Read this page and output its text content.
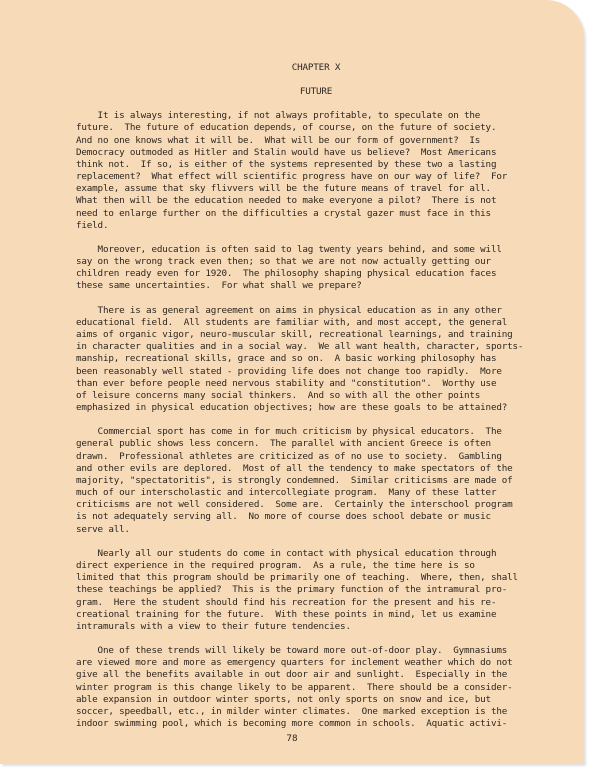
CHAPTER X
FUTURE
It is always interesting, if not always profitable, to speculate on the
future.  The future of education depends, of course, on the future of society.
And no one knows what it will be.  What will be our form of government?  Is
Democracy outmoded as Hitler and Stalin would have us believe?  Most Americans
think not.  If so, is either of the systems represented by these two a lasting
replacement?  What effect will scientific progress have on our way of life?  For
example, assume that sky flivvers will be the future means of travel for all.
What then will be the education needed to make everyone a pilot?  There is not
need to enlarge further on the difficulties a crystal gazer must face in this
field.
Moreover, education is often said to lag twenty years behind, and some will
say on the wrong track even then; so that we are not now actually getting our
children ready even for 1920.  The philosophy shaping physical education faces
these same uncertainties.  For what shall we prepare?
There is as general agreement on aims in physical education as in any other
educational field.  All students are familiar with, and most accept, the general
aims of organic vigor, neuro-muscular skill, recreational learnings, and training
in character qualities and in a social way.  We all want health, character, sports-
manship, recreational skills, grace and so on.  A basic working philosophy has
been reasonably well stated - providing life does not change too rapidly.  More
than ever before people need nervous stability and "constitution".  Worthy use
of leisure concerns many social thinkers.  And so with all the other points
emphasized in physical education objectives; how are these goals to be attained?
Commercial sport has come in for much criticism by physical educators.  The
general public shows less concern.  The parallel with ancient Greece is often
drawn.  Professional athletes are criticized as of no use to society.  Gambling
and other evils are deplored.  Most of all the tendency to make spectators of the
majority, "spectatoritis", is strongly condemned.  Similar criticisms are made of
much of our interscholastic and intercollegiate program.  Many of these latter
criticisms are not well considered.  Some are.  Certainly the interschool program
is not adequately serving all.  No more of course does school debate or music
serve all.
Nearly all our students do come in contact with physical education through
direct experience in the required program.  As a rule, the time here is so
limited that this program should be primarily one of teaching.  Where, then, shall
these teachings be applied?  This is the primary function of the intramural pro-
gram.  Here the student should find his recreation for the present and his re-
creational training for the future.  With these points in mind, let us examine
intramurals with a view to their future tendencies.
One of these trends will likely be toward more out-of-door play.  Gymnasiums
are viewed more and more as emergency quarters for inclement weather which do not
give all the benefits available in out door air and sunlight.  Especially in the
winter program is this change likely to be apparent.  There should be a consider-
able expansion in outdoor winter sports, not only sports on snow and ice, but
soccer, speedball, etc., in milder winter climates.  One marked exception is the
indoor swimming pool, which is becoming more common in schools.  Aquatic activi-
78
